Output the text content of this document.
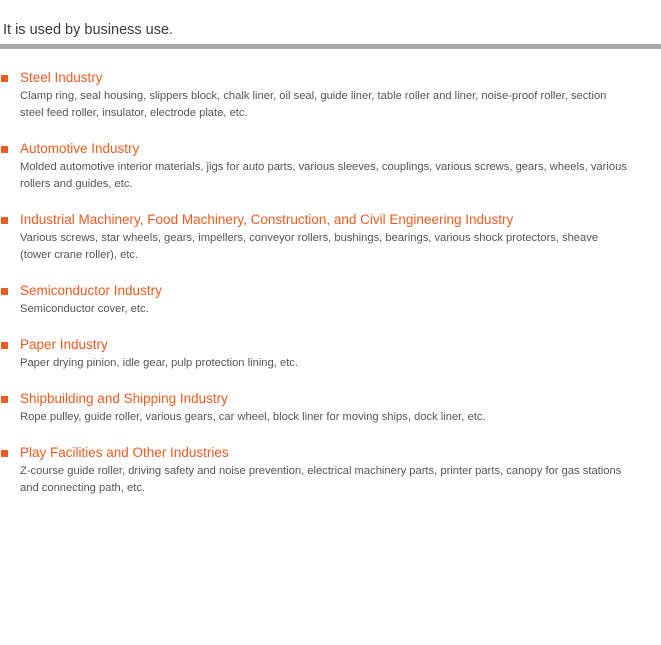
It is used by business use.
Steel Industry
Clamp ring, seal housing, slippers block, chalk liner, oil seal, guide liner, table roller and liner, noise-proof roller, section steel feed roller, insulator, electrode plate, etc.
Automotive Industry
Molded automotive interior materials, jigs for auto parts, various sleeves, couplings, various screws, gears, wheels, various rollers and guides, etc.
Industrial Machinery, Food Machinery, Construction, and Civil Engineering Industry
Various screws, star wheels, gears, impellers, conveyor rollers, bushings, bearings, various shock protectors, sheave (tower crane roller), etc.
Semiconductor Industry
Semiconductor cover, etc.
Paper Industry
Paper drying pinion, idle gear, pulp protection lining, etc.
Shipbuilding and Shipping Industry
Rope pulley, guide roller, various gears, car wheel, block liner for moving ships, dock liner, etc.
Play Facilities and Other Industries
Z-course guide roller, driving safety and noise prevention, electrical machinery parts, printer parts, canopy for gas stations and connecting path, etc.
